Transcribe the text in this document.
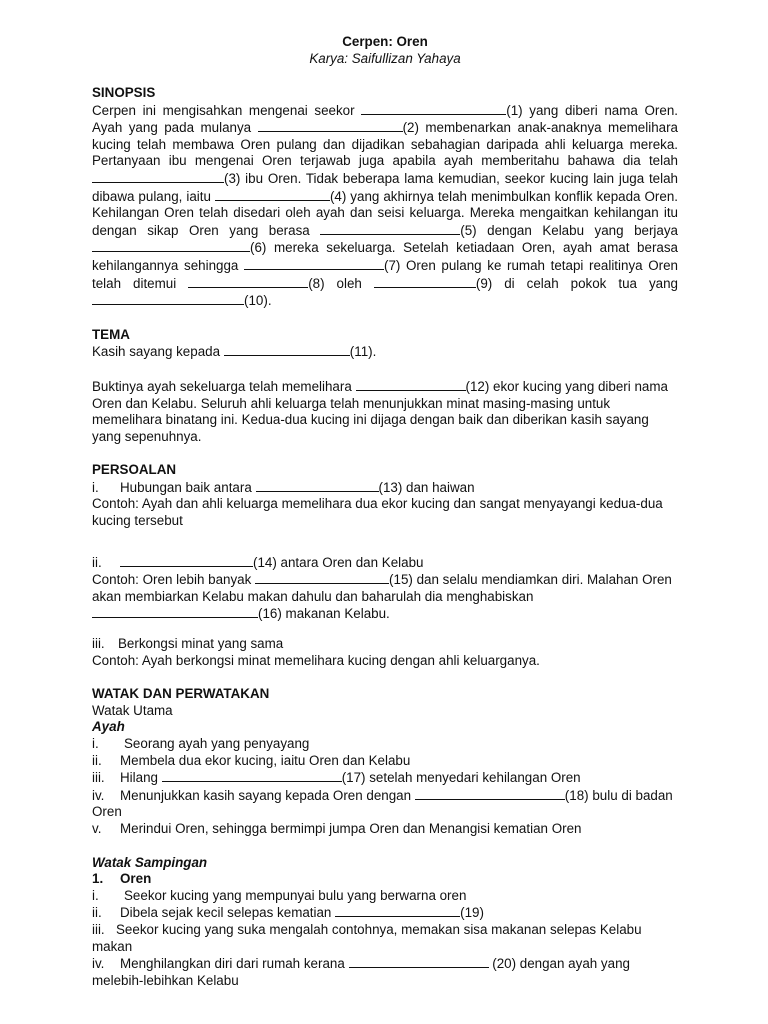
Cerpen: Oren
Karya: Saifullizan Yahaya
SINOPSIS
Cerpen ini mengisahkan mengenai seekor	(1) yang diberi nama Oren. Ayah yang pada mulanya	(2) membenarkan anak-anaknya memelihara kucing telah membawa Oren pulang dan dijadikan sebahagian daripada ahli keluarga mereka. Pertanyaan ibu mengenai Oren terjawab juga apabila ayah memberitahu bahawa dia telah (3) ibu Oren. Tidak beberapa lama kemudian, seekor kucing lain juga telah dibawa pulang, iaitu	(4) yang akhirnya telah menimbulkan konflik kepada Oren. Kehilangan Oren telah disedari oleh ayah dan seisi keluarga. Mereka mengaitkan kehilangan itu dengan sikap Oren yang berasa	(5) dengan Kelabu yang berjaya (6) mereka sekeluarga. Setelah ketiadaan Oren, ayah amat berasa kehilangannya sehingga	(7) Oren pulang ke rumah tetapi realitinya Oren telah ditemui	(8) oleh	(9) di celah pokok tua yang (10).
TEMA
Kasih sayang kepada	(11).
Buktinya ayah sekeluarga telah memelihara	(12) ekor kucing yang diberi nama Oren dan Kelabu. Seluruh ahli keluarga telah menunjukkan minat masing-masing untuk memelihara binatang ini. Kedua-dua kucing ini dijaga dengan baik dan diberikan kasih sayang yang sepenuhnya.
PERSOALAN
i. Hubungan baik antara	(13) dan haiwan
Contoh: Ayah dan ahli keluarga memelihara dua ekor kucing dan sangat menyayangi kedua-dua kucing tersebut
ii.	(14) antara Oren dan Kelabu
Contoh: Oren lebih banyak	(15) dan selalu mendiamkan diri. Malahan Oren akan membiarkan Kelabu makan dahulu dan baharulah dia menghabiskan (16) makanan Kelabu.
iii. Berkongsi minat yang sama
Contoh: Ayah berkongsi minat memelihara kucing dengan ahli keluarganya.
WATAK DAN PERWATAKAN
Watak Utama
Ayah
i. Seorang ayah yang penyayang
ii. Membela dua ekor kucing, iaitu Oren dan Kelabu
iii. Hilang	(17) setelah menyedari kehilangan Oren
iv. Menunjukkan kasih sayang kepada Oren dengan	(18) bulu di badan Oren
v. Merindui Oren, sehingga bermimpi jumpa Oren dan Menangisi kematian Oren
Watak Sampingan
1. Oren
i. Seekor kucing yang mempunyai bulu yang berwarna oren
ii. Dibela sejak kecil selepas kematian	(19)
iii. Seekor kucing yang suka mengalah contohnya, memakan sisa makanan selepas Kelabu makan
iv. Menghilangkan diri dari rumah kerana	(20) dengan ayah yang melebih-lebihkan Kelabu
